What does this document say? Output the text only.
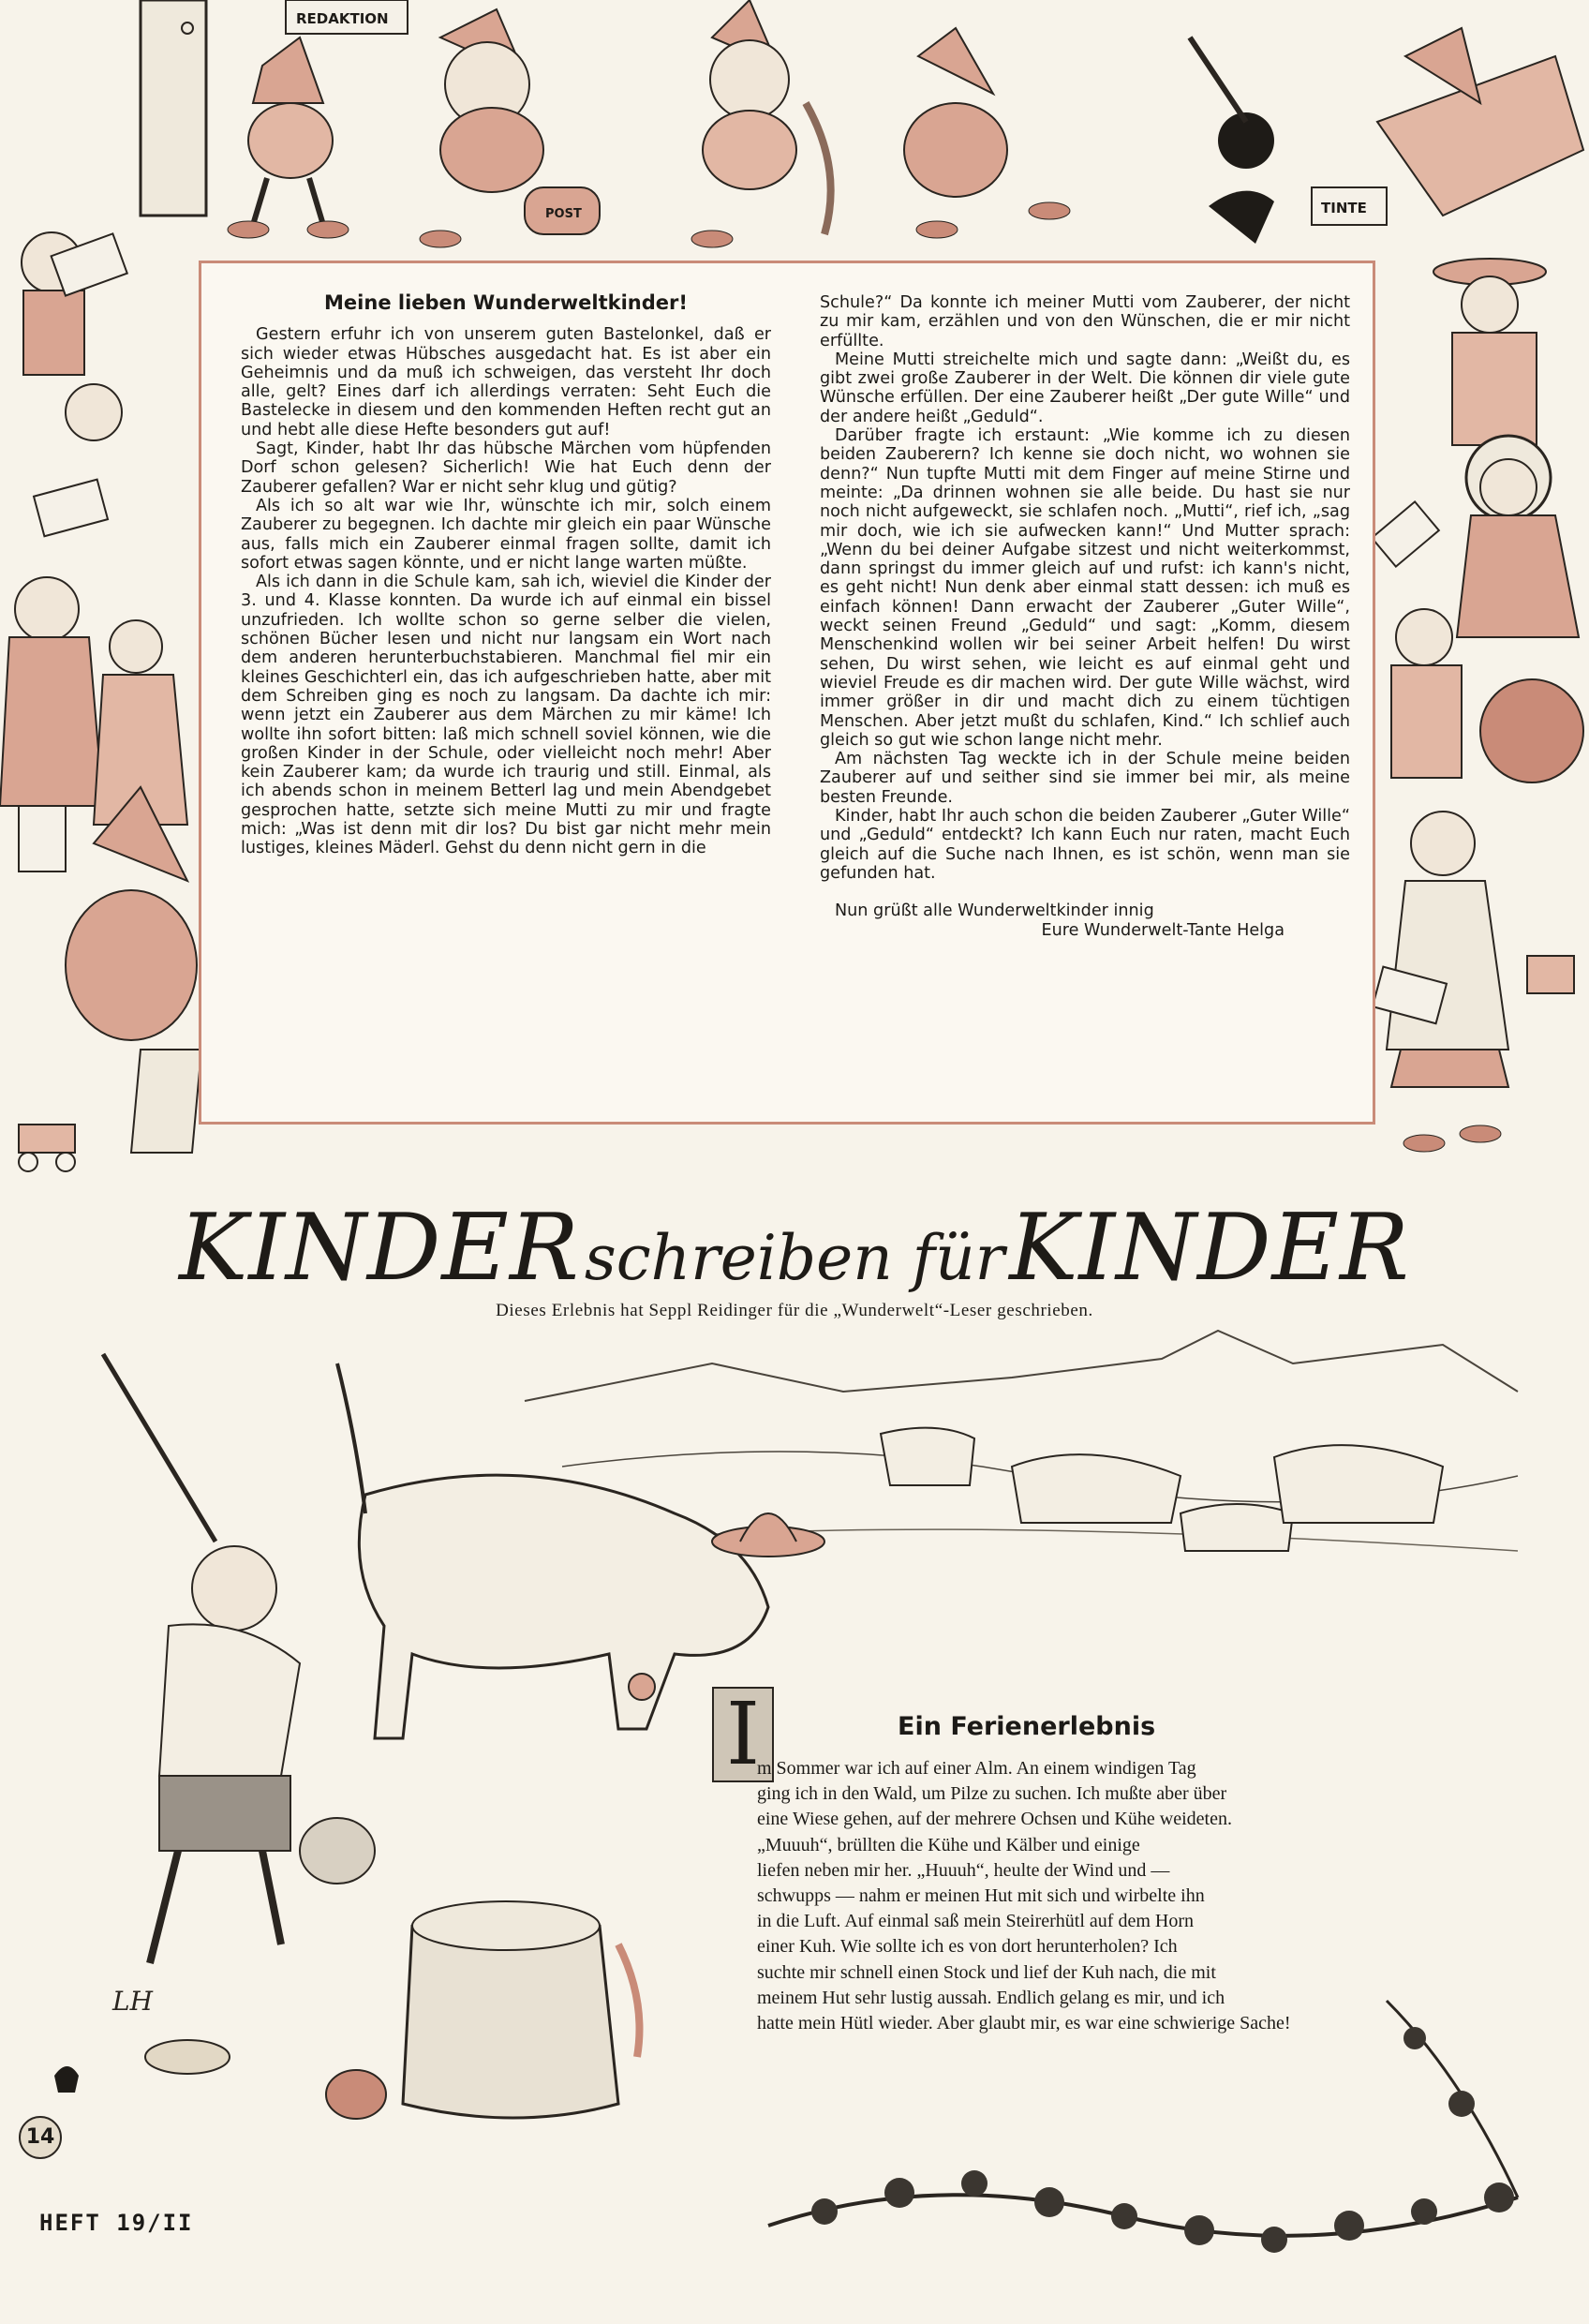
REDAKTION
POST	TINTE

Meine lieben Wunderweltkinder!

Gestern erfuhr ich von unserem guten Bastelonkel, daß er sich wieder etwas Hübsches ausgedacht hat. Es ist aber ein Geheimnis und da muß ich schweigen, das versteht Ihr doch alle, gelt? Eines darf ich allerdings verraten: Seht Euch die Bastelecke in diesem und den kommenden Heften recht gut an und hebt alle diese Hefte besonders gut auf!

Sagt, Kinder, habt Ihr das hübsche Märchen vom hüpfenden Dorf schon gelesen? Sicherlich! Wie hat Euch denn der Zauberer gefallen? War er nicht sehr klug und gütig?

Als ich so alt war wie Ihr, wünschte ich mir, solch einem Zauberer zu begegnen. Ich dachte mir gleich ein paar Wünsche aus, falls mich ein Zauberer einmal fragen sollte, damit ich sofort etwas sagen könnte, und er nicht lange warten müßte.

Als ich dann in die Schule kam, sah ich, wieviel die Kinder der 3. und 4. Klasse konnten. Da wurde ich auf einmal ein bissel unzufrieden. Ich wollte schon so gerne selber die vielen, schönen Bücher lesen und nicht nur langsam ein Wort nach dem anderen herunterbuchstabieren. Manchmal fiel mir ein kleines Geschichterl ein, das ich aufgeschrieben hatte, aber mit dem Schreiben ging es noch zu langsam. Da dachte ich mir: wenn jetzt ein Zauberer aus dem Märchen zu mir käme! Ich wollte ihn sofort bitten: laß mich schnell soviel können, wie die großen Kinder in der Schule, oder vielleicht noch mehr! Aber kein Zauberer kam; da wurde ich traurig und still. Einmal, als ich abends schon in meinem Betterl lag und mein Abendgebet gesprochen hatte, setzte sich meine Mutti zu mir und fragte mich: „Was ist denn mit dir los? Du bist gar nicht mehr mein lustiges, kleines Mäderl. Gehst du denn nicht gern in die

Schule?“ Da konnte ich meiner Mutti vom Zauberer, der nicht zu mir kam, erzählen und von den Wünschen, die er mir nicht erfüllte.

Meine Mutti streichelte mich und sagte dann: „Weißt du, es gibt zwei große Zauberer in der Welt. Die können dir viele gute Wünsche erfüllen. Der eine Zauberer heißt „Der gute Wille“ und der andere heißt „Geduld“.

Darüber fragte ich erstaunt: „Wie komme ich zu diesen beiden Zauberern? Ich kenne sie doch nicht, wo wohnen sie denn?“ Nun tupfte Mutti mit dem Finger auf meine Stirne und meinte: „Da drinnen wohnen sie alle beide. Du hast sie nur noch nicht aufgeweckt, sie schlafen noch. „Mutti“, rief ich, „sag mir doch, wie ich sie aufwecken kann!“ Und Mutter sprach: „Wenn du bei deiner Aufgabe sitzest und nicht weiterkommst, dann springst du immer gleich auf und rufst: ich kann's nicht, es geht nicht! Nun denk aber einmal statt dessen: ich muß es einfach können! Dann erwacht der Zauberer „Guter Wille“, weckt seinen Freund „Geduld“ und sagt: „Komm, diesem Menschenkind wollen wir bei seiner Arbeit helfen! Du wirst sehen, Du wirst sehen, wie leicht es auf einmal geht und wieviel Freude es dir machen wird. Der gute Wille wächst, wird immer größer in dir und macht dich zu einem tüchtigen Menschen. Aber jetzt mußt du schlafen, Kind.“ Ich schlief auch gleich so gut wie schon lange nicht mehr.

Am nächsten Tag weckte ich in der Schule meine beiden Zauberer auf und seither sind sie immer bei mir, als meine besten Freunde.

Kinder, habt Ihr auch schon die beiden Zauberer „Guter Wille“ und „Geduld“ entdeckt? Ich kann Euch nur raten, macht Euch gleich auf die Suche nach Ihnen, es ist schön, wenn man sie gefunden hat.

Nun grüßt alle Wunderweltkinder innig

Eure Wunderwelt-Tante Helga

KINDER schreiben für KINDER
Dieses Erlebnis hat Seppl Reidinger für die „Wunderwelt“-Leser geschrieben.
LH
I	Ein Ferienerlebnis
m Sommer war ich auf einer Alm. An einem windigen Tag
ging ich in den Wald, um Pilze zu suchen. Ich mußte aber über
eine Wiese gehen, auf der mehrere Ochsen und Kühe weideten.
„Muuuh“, brüllten die Kühe und Kälber und einige
liefen neben mir her. „Huuuh“, heulte der Wind und —
schwupps — nahm er meinen Hut mit sich und wirbelte ihn
in die Luft. Auf einmal saß mein Steirerhütl auf dem Horn
einer Kuh. Wie sollte ich es von dort herunterholen? Ich
suchte mir schnell einen Stock und lief der Kuh nach, die mit
meinem Hut sehr lustig aussah. Endlich gelang es mir, und ich
hatte mein Hütl wieder. Aber glaubt mir, es war eine schwierige Sache!
14
HEFT 19/II
